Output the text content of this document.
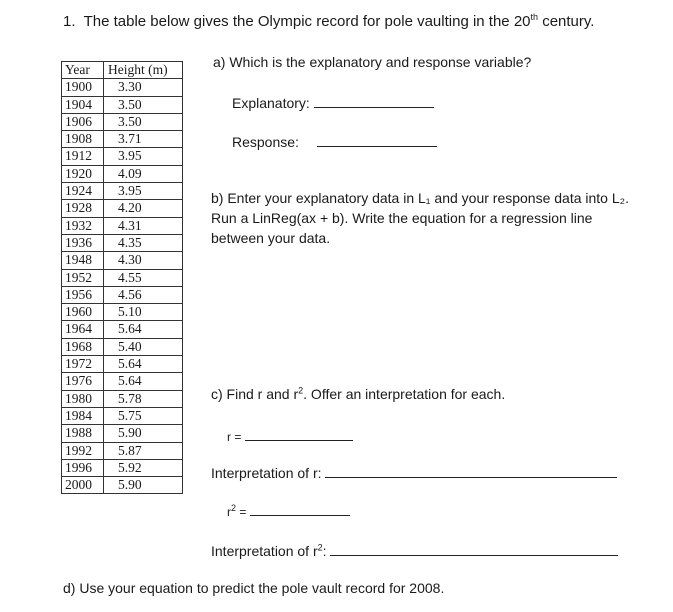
1. The table below gives the Olympic record for pole vaulting in the 20th century.
Year	Height (m)
1900	3.30
1904	3.50
1906	3.50
1908	3.71
1912	3.95
1920	4.09
1924	3.95
1928	4.20
1932	4.31
1936	4.35
1948	4.30
1952	4.55
1956	4.56
1960	5.10
1964	5.64
1968	5.40
1972	5.64
1976	5.64
1980	5.78
1984	5.75
1988	5.90
1992	5.87
1996	5.92
2000	5.90
a) Which is the explanatory and response variable?
Explanatory:
Response:
b) Enter your explanatory data in L₁ and your response data into L₂.
Run a LinReg(ax + b). Write the equation for a regression line
between your data.
c) Find r and $r^2$. Offer an interpretation for each.
r =
Interpretation of r:
$r^2$ =
Interpretation of $r^2$:
d) Use your equation to predict the pole vault record for 2008.
